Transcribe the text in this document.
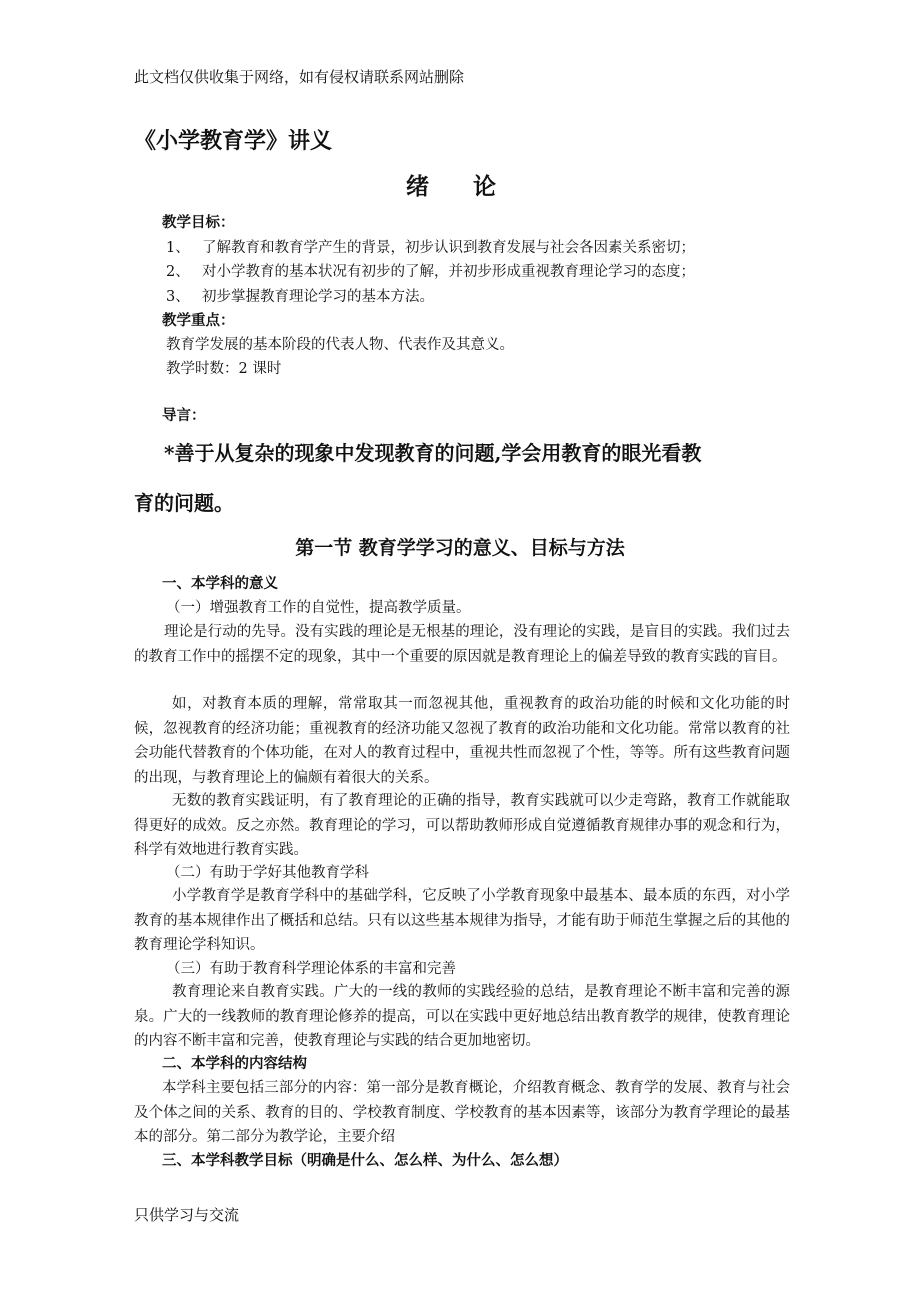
此文档仅供收集于网络，如有侵权请联系网站删除
《小学教育学》讲义
绪 论
教学目标：
1、 了解教育和教育学产生的背景，初步认识到教育发展与社会各因素关系密切；
2、 对小学教育的基本状况有初步的了解，并初步形成重视教育理论学习的态度；
3、 初步掌握教育理论学习的基本方法。
教学重点：
教育学发展的基本阶段的代表人物、代表作及其意义。
教学时数：2 课时
导言：
*善于从复杂的现象中发现教育的问题,学会用教育的眼光看教
育的问题。
第一节 教育学学习的意义、目标与方法
一、本学科的意义
（一）增强教育工作的自觉性，提高教学质量。

理论是行动的先导。没有实践的理论是无根基的理论，没有理论的实践，是盲目的实践。我们过去的教育工作中的摇摆不定的现象，其中一个重要的原因就是教育理论上的偏差导致的教育实践的盲目。

如，对教育本质的理解，常常取其一而忽视其他，重视教育的政治功能的时候和文化功能的时候，忽视教育的经济功能；重视教育的经济功能又忽视了教育的政治功能和文化功能。常常以教育的社会功能代替教育的个体功能，在对人的教育过程中，重视共性而忽视了个性，等等。所有这些教育问题的出现，与教育理论上的偏颇有着很大的关系。

无数的教育实践证明，有了教育理论的正确的指导，教育实践就可以少走弯路，教育工作就能取得更好的成效。反之亦然。教育理论的学习，可以帮助教师形成自觉遵循教育规律办事的观念和行为，科学有效地进行教育实践。

（二）有助于学好其他教育学科

小学教育学是教育学科中的基础学科，它反映了小学教育现象中最基本、最本质的东西，对小学教育的基本规律作出了概括和总结。只有以这些基本规律为指导，才能有助于师范生掌握之后的其他的教育理论学科知识。

（三）有助于教育科学理论体系的丰富和完善

教育理论来自教育实践。广大的一线的教师的实践经验的总结，是教育理论不断丰富和完善的源泉。广大的一线教师的教育理论修养的提高，可以在实践中更好地总结出教育教学的规律，使教育理论的内容不断丰富和完善，使教育理论与实践的结合更加地密切。

二、本学科的内容结构

本学科主要包括三部分的内容：第一部分是教育概论，介绍教育概念、教育学的发展、教育与社会及个体之间的关系、教育的目的、学校教育制度、学校教育的基本因素等，该部分为教育学理论的最基本的部分。第二部分为教学论，主要介绍

三、本学科教学目标（明确是什么、怎么样、为什么、怎么想）
只供学习与交流
